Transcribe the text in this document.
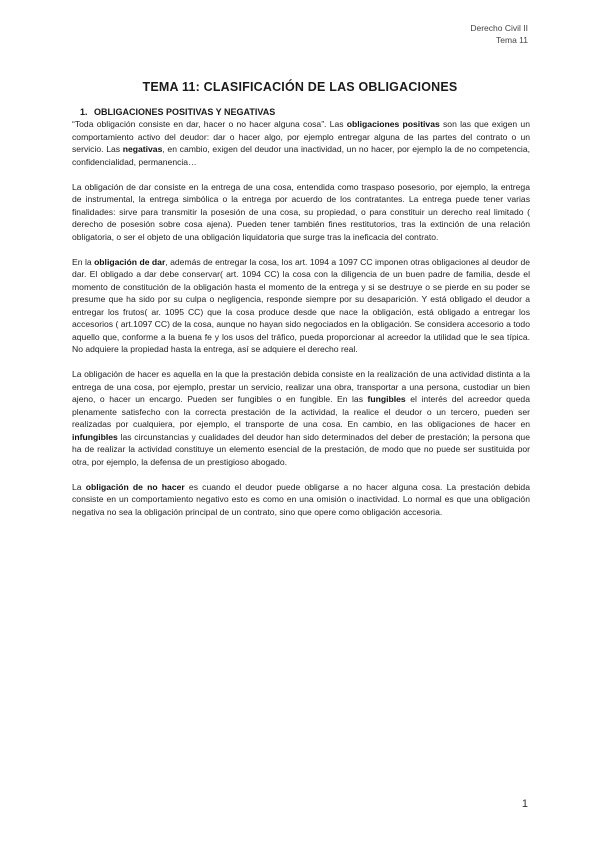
Derecho Civil II
Tema 11
TEMA 11: CLASIFICACIÓN DE LAS OBLIGACIONES
1. OBLIGACIONES POSITIVAS Y NEGATIVAS

“Toda obligación consiste en dar, hacer o no hacer alguna cosa”. Las obligaciones positivas son las que exigen un comportamiento activo del deudor: dar o hacer algo, por ejemplo entregar alguna de las partes del contrato o un servicio. Las negativas, en cambio, exigen del deudor una inactividad, un no hacer, por ejemplo la de no competencia, confidencialidad, permanencia…

La obligación de dar consiste en la entrega de una cosa, entendida como traspaso posesorio, por ejemplo, la entrega de instrumental, la entrega simbólica o la entrega por acuerdo de los contratantes. La entrega puede tener varias finalidades: sirve para transmitir la posesión de una cosa, su propiedad, o para constituir un derecho real limitado ( derecho de posesión sobre cosa ajena). Pueden tener también fines restitutorios, tras la extinción de una relación obligatoria, o ser el objeto de una obligación liquidatoria que surge tras la ineficacia del contrato.

En la obligación de dar, además de entregar la cosa, los art. 1094 a 1097 CC imponen otras obligaciones al deudor de dar. El obligado a dar debe conservar( art. 1094 CC) la cosa con la diligencia de un buen padre de familia, desde el momento de constitución de la obligación hasta el momento de la entrega y si se destruye o se pierde en su poder se presume que ha sido por su culpa o negligencia, responde siempre por su desaparición. Y está obligado el deudor a entregar los frutos( ar. 1095 CC) que la cosa produce desde que nace la obligación, está obligado a entregar los accesorios ( art.1097 CC) de la cosa, aunque no hayan sido negociados en la obligación. Se considera accesorio a todo aquello que, conforme a la buena fe y los usos del tráfico, pueda proporcionar al acreedor la utilidad que le sea típica. No adquiere la propiedad hasta la entrega, así se adquiere el derecho real.

La obligación de hacer es aquella en la que la prestación debida consiste en la realización de una actividad distinta a la entrega de una cosa, por ejemplo, prestar un servicio, realizar una obra, transportar a una persona, custodiar un bien ajeno, o hacer un encargo. Pueden ser fungibles o en fungible. En las fungibles el interés del acreedor queda plenamente satisfecho con la correcta prestación de la actividad, la realice el deudor o un tercero, pueden ser realizadas por cualquiera, por ejemplo, el transporte de una cosa. En cambio, en las obligaciones de hacer en infungibles las circunstancias y cualidades del deudor han sido determinados del deber de prestación; la persona que ha de realizar la actividad constituye un elemento esencial de la prestación, de modo que no puede ser sustituida por otra, por ejemplo, la defensa de un prestigioso abogado.

La obligación de no hacer es cuando el deudor puede obligarse a no hacer alguna cosa. La prestación debida consiste en un comportamiento negativo esto es como en una omisión o inactividad. Lo normal es que una obligación negativa no sea la obligación principal de un contrato, sino que opere como obligación accesoria.

1
